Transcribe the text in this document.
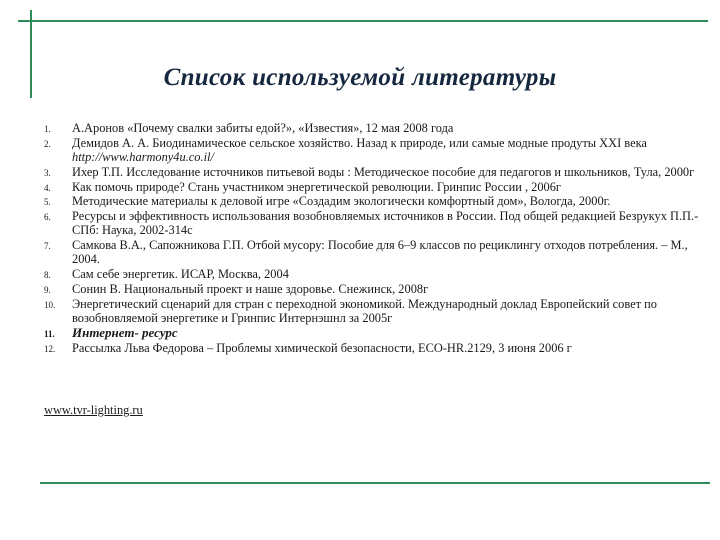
Список используемой литературы
1. А.Аронов «Почему свалки забиты едой?», «Известия», 12 мая 2008 года
2. Демидов А. А. Биодинамическое сельское хозяйство. Назад к природе, или самые модные продуты XXI века http://www.harmony4u.co.il/
3. Ихер Т.П. Исследование источников питьевой воды : Методическое пособие для педагогов и школьников, Тула, 2000г
4. Как помочь природе? Стань участником энергетической революции. Гринпис России , 2006г
5. Методические материалы к деловой игре «Создадим экологически комфортный дом», Вологда, 2000г.
6. Ресурсы и эффективность использования возобновляемых источников в России. Под общей редакцией Безрукух П.П.- СПб: Наука, 2002-314с
7. Самкова В.А., Сапожникова Г.П. Отбой мусору: Пособие для 6–9 классов по рециклингу отходов потребления. – М., 2004.
8. Сам себе энергетик. ИСАР, Москва, 2004
9. Сонин В. Национальный проект и наше здоровье. Снежинск, 2008г
10. Энергетический сценарий для стран с переходной экономикой. Международный доклад Европейский совет по возобновляемой энергетике и Гринпис Интернэшнл за 2005г
11. Интернет- ресурс
12. Рассылка Льва Федорова – Проблемы химической безопасности, ECO-HR.2129, 3 июня 2006 г
www.tvr-lighting.ru
